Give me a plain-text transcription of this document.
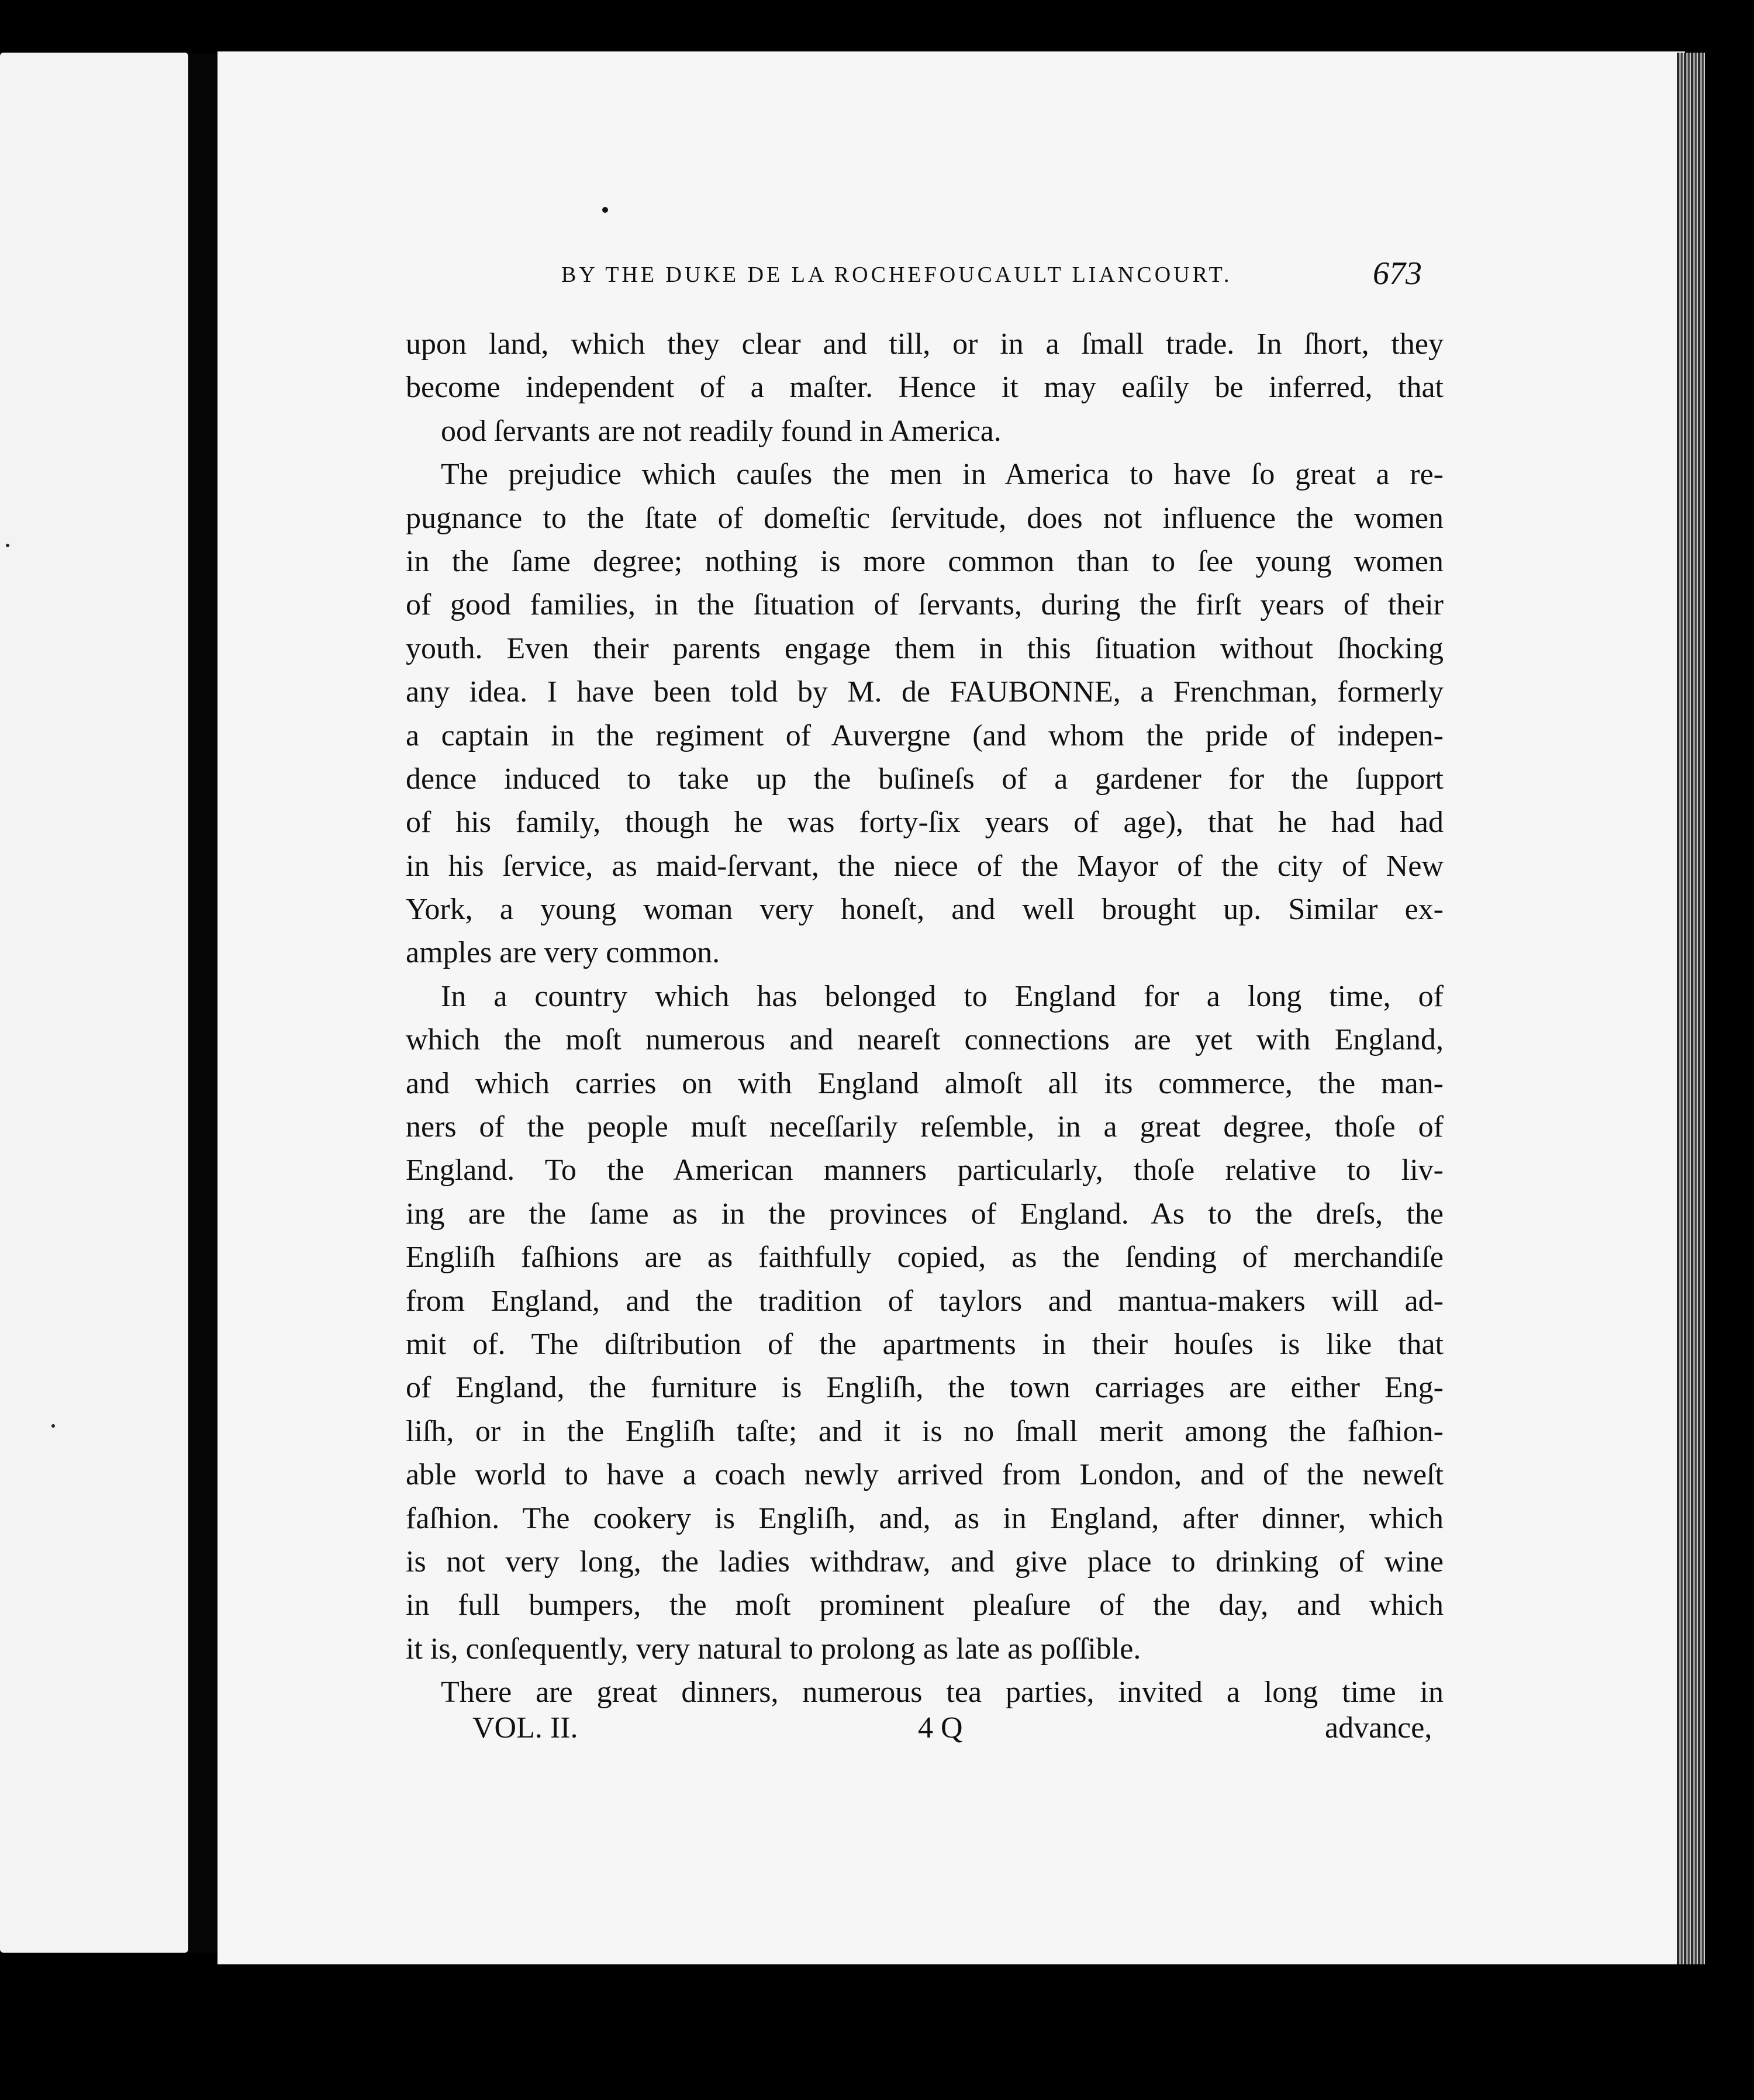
BY THE DUKE DE LA ROCHEFOUCAULT LIANCOURT.	673
upon land, which they clear and till, or in a ſmall trade. In ſhort, they
become independent of a maſter. Hence it may eaſily be inferred, that
ood ſervants are not readily found in America.
The prejudice which cauſes the men in America to have ſo great a re-
pugnance to the ſtate of domeſtic ſervitude, does not influence the women
in the ſame degree; nothing is more common than to ſee young women
of good families, in the ſituation of ſervants, during the firſt years of their
youth. Even their parents engage them in this ſituation without ſhocking
any idea. I have been told by M. de FAUBONNE, a Frenchman, formerly
a captain in the regiment of Auvergne (and whom the pride of indepen-
dence induced to take up the buſineſs of a gardener for the ſupport
of his family, though he was forty-ſix years of age), that he had had
in his ſervice, as maid-ſervant, the niece of the Mayor of the city of New
York, a young woman very honeſt, and well brought up. Similar ex-
amples are very common.
In a country which has belonged to England for a long time, of
which the moſt numerous and neareſt connections are yet with England,
and which carries on with England almoſt all its commerce, the man-
ners of the people muſt neceſſarily reſemble, in a great degree, thoſe of
England. To the American manners particularly, thoſe relative to liv-
ing are the ſame as in the provinces of England. As to the dreſs, the
Engliſh faſhions are as faithfully copied, as the ſending of merchandiſe
from England, and the tradition of taylors and mantua-makers will ad-
mit of. The diſtribution of the apartments in their houſes is like that
of England, the furniture is Engliſh, the town carriages are either Eng-
liſh, or in the Engliſh taſte; and it is no ſmall merit among the faſhion-
able world to have a coach newly arrived from London, and of the neweſt
faſhion. The cookery is Engliſh, and, as in England, after dinner, which
is not very long, the ladies withdraw, and give place to drinking of wine
in full bumpers, the moſt prominent pleaſure of the day, and which
it is, conſequently, very natural to prolong as late as poſſible.
There are great dinners, numerous tea parties, invited a long time in
VOL. II.	4 Q	advance,
